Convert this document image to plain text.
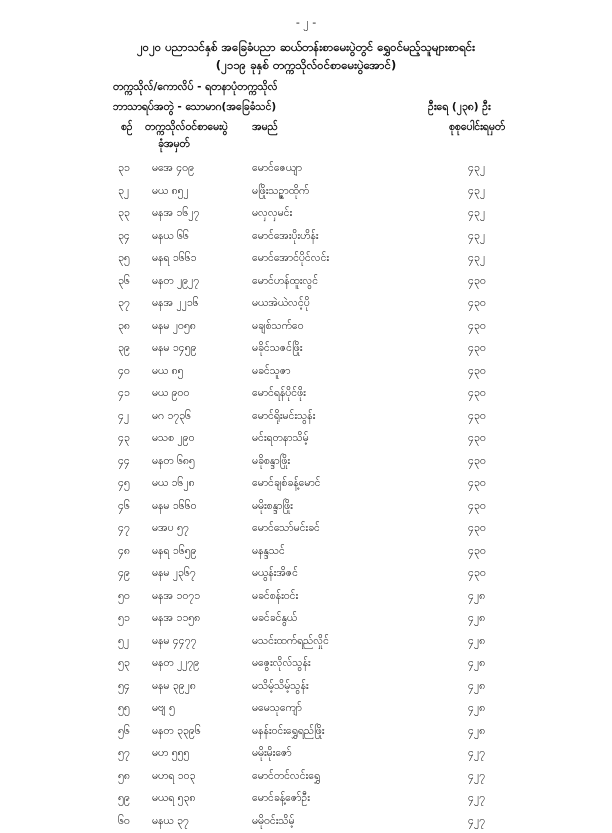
- ၂ -
၂၀၂၀ ပညာသင်နှစ် အခြေခံပညာ ဆယ်တန်းစာမေးပွဲတွင် ရွှေဝင်မည့်သူများစာရင်း
(၂၁၁၉ ခုနှစ် တက္ကသိုလ်ဝင်စာမေးပွဲအောင်)
တက္ကသိုလ်/ကောလိပ် - ရတနာပုံတက္ကသိုလ်
ဘာသာရပ်အတွဲ - သောမာဂ(အခြေခံသင်)	ဦးရေ (၂၃၈) ဦး
စဉ် တက္ကသိုလ်ဝင်စာမေးပွဲ
ခုံအမှတ်
အမည်	စုစုပေါင်းရမှတ်
၃၁	မအေ ၄၀၉	မောင်ဇေယျာ	၄၃၂
၃၂	မယ ၈၅၂	မဖြိုးသဉ္ဇာထိုက်	၄၃၂
၃၃	မနအ ၁၆၂၇	မလှလှမင်း	၄၃၂
၃၄	မနယ ၆၆	မောင်အေးပိုးဟိန်း	၄၃၂
၃၅	မနရ ၁၆၆၁	မောင်အောင်ပိုင်လင်း	၄၃၂
၃၆	မနတ ၂၉၂၇	မောင်ဟန်ထူးလွင်	၄၃၀
၃၇	မနအ ၂၂၁၆	မယအဲယဲလင့်ပို	၄၃၀
၃၈	မနမ ၂၀၅၈	မချစ်သက်ဝေ	၄၃၀
၃၉	မနမ ၁၄၅၉	မခိုင်သဇင်ဖြိုး	၄၃၀
၄၀	မယ ၈၅	မခင်သူဇာ	၄၃၀
၄၁	မယ ၉၀၀	မောင်ရန်ပိုင်ဖိုး	၄၃၀
၄၂	မဂ ၁၇၃၆	မောင်ရိုးမင်းသွန်း	၄၃၀
၄၃	မသစ ၂၉၀	မင်းရတနာသိမ့်	၄၃၀
၄၄	မနတ ၆၈၅	မခိုစန္ဒာဖြိုး	၄၃၀
၄၅	မယ ၁၆၂၈	မောင်ချစ်ခန့်မောင်	၄၃၀
၄၆	မနမ ၁၆၆၀	မမိုးစန္ဒာဖြိုး	၄၃၀
၄၇	မအပ ၅၇	မောင်သော်မင်းခင်	၄၃၀
၄၈	မနရ ၁၆၅၉	မနန္ဒသင်	၄၃၀
၄၉	မနမ ၂၃၆၇	မယွန်းအိဇင်	၄၃၀
၅၀	မနအ ၁၀၇၁	မခင်စန်းဝင်း	၄၂၈
၅၁	မနအ ၁၁၅၈	မခင်ခင်နွယ်	၄၂၈
၅၂	မနမ ၄၄၇၇	မသင်းထက်ရည်လှိုင်	၄၂၈
၅၃	မနတ ၂၂၇၉	မဇွေးလိုလ်သွန်း	၄၂၈
၅၄	မနမ ၃၉၂၈	မသိမ့်သိမ့်သွန်း	၄၂၈
၅၅	မဗျ ၅	မမေသုကျော်	၄၂၈
၅၆	မနတ ၃၃၉၆	မနန်းဝင်းရွှေရည်ဖြိုး	၄၂၈
၅၇	မဟ ၅၅၅	မမိုးမိုးဇော်	၄၂၇
၅၈	မဟရ ၁၀၃	မောင်တင်လင်းရွှေ	၄၂၇
၅၉	မယရ ၅၃၈	မောင်ခန့်ဇော်ဦး	၄၂၇
၆၀	မနယ ၃၇	မမိုဝင်းသိမ့်	၄၂၇
